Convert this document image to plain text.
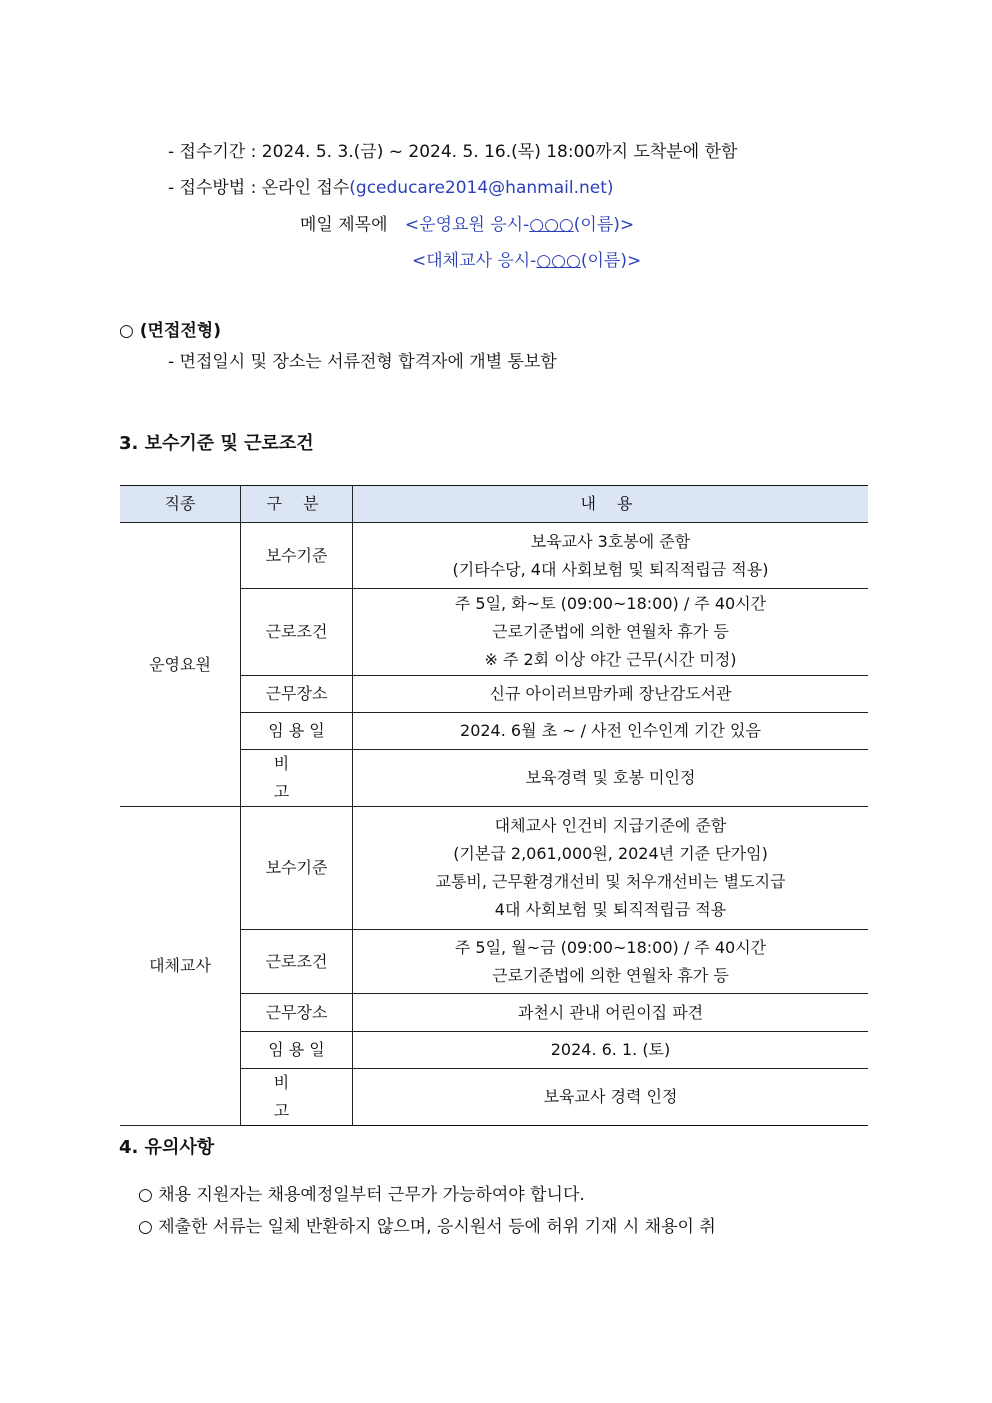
- 접수기간 : 2024. 5. 3.(금) ~ 2024. 5. 16.(목) 18:00까지 도착분에 한함
- 접수방법 : 온라인 접수(gceducare2014@hanmail.net)
메일 제목에 <운영요원 응시-○○○(이름)>
<대체교사 응시-○○○(이름)>
○ (면접전형)
- 면접일시 및 장소는 서류전형 합격자에 개별 통보함
3. 보수기준 및 근로조건
직종	구 분	내 용
운영요원	보수기준	보육교사 3호봉에 준함
(기타수당, 4대 사회보험 및 퇴직적립금 적용)

	근로조건	주 5일, 화~토 (09:00~18:00) / 주 40시간
근로기준법에 의한 연월차 휴가 등
※ 주 2회 이상 야간 근무(시간 미정)

	근무장소	신규 아이러브맘카페 장난감도서관
	임 용 일	2024. 6월 초 ~ / 사전 인수인계 기간 있음
	비 고	보육경력 및 호봉 미인정
대체교사	보수기준	대체교사 인건비 지급기준에 준함
(기본급 2,061,000원, 2024년 기준 단가임)
교통비, 근무환경개선비 및 처우개선비는 별도지급
4대 사회보험 및 퇴직적립금 적용

	근로조건	주 5일, 월~금 (09:00~18:00) / 주 40시간
근로기준법에 의한 연월차 휴가 등

	근무장소	과천시 관내 어린이집 파견
	임 용 일	2024. 6. 1. (토)
	비 고	보육교사 경력 인정
4. 유의사항
○ 채용 지원자는 채용예정일부터 근무가 가능하여야 합니다.
○ 제출한 서류는 일체 반환하지 않으며, 응시원서 등에 허위 기재 시 채용이 취
